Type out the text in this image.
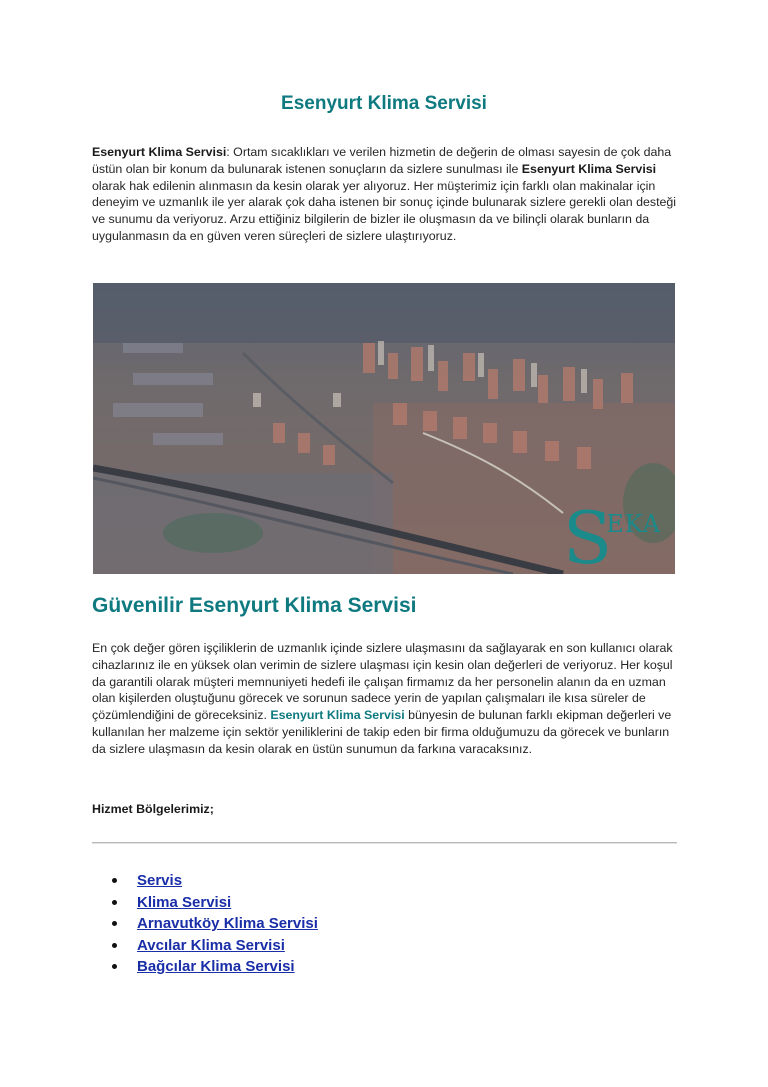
Esenyurt Klima Servisi
Esenyurt Klima Servisi: Ortam sıcaklıkları ve verilen hizmetin de değerin de olması sayesin de çok daha üstün olan bir konum da bulunarak istenen sonuçların da sizlere sunulması ile Esenyurt Klima Servisi olarak hak edilenin alınmasın da kesin olarak yer alıyoruz. Her müşterimiz için farklı olan makinalar için deneyim ve uzmanlık ile yer alarak çok daha istenen bir sonuç içinde bulunarak sizlere gerekli olan desteği ve sunumu da veriyoruz. Arzu ettiğiniz bilgilerin de bizler ile oluşmasın da ve bilinçli olarak bunların da uygulanmasın da en güven veren süreçleri de sizlere ulaştırıyoruz.
S
EKA
Güvenilir Esenyurt Klima Servisi
En çok değer gören işçiliklerin de uzmanlık içinde sizlere ulaşmasını da sağlayarak en son kullanıcı olarak cihazlarınız ile en yüksek olan verimin de sizlere ulaşması için kesin olan değerleri de veriyoruz. Her koşul da garantili olarak müşteri memnuniyeti hedefi ile çalışan firmamız da her personelin alanın da en uzman olan kişilerden oluştuğunu görecek ve sorunun sadece yerin de yapılan çalışmaları ile kısa süreler de çözümlendiğini de göreceksiniz. Esenyurt Klima Servisi bünyesin de bulunan farklı ekipman değerleri ve kullanılan her malzeme için sektör yeniliklerini de takip eden bir firma olduğumuzu da görecek ve bunların da sizlere ulaşmasın da kesin olarak en üstün sunumun da farkına varacaksınız.
Hizmet Bölgelerimiz;
Servis
Klima Servisi
Arnavutköy Klima Servisi
Avcılar Klima Servisi
Bağcılar Klima Servisi
